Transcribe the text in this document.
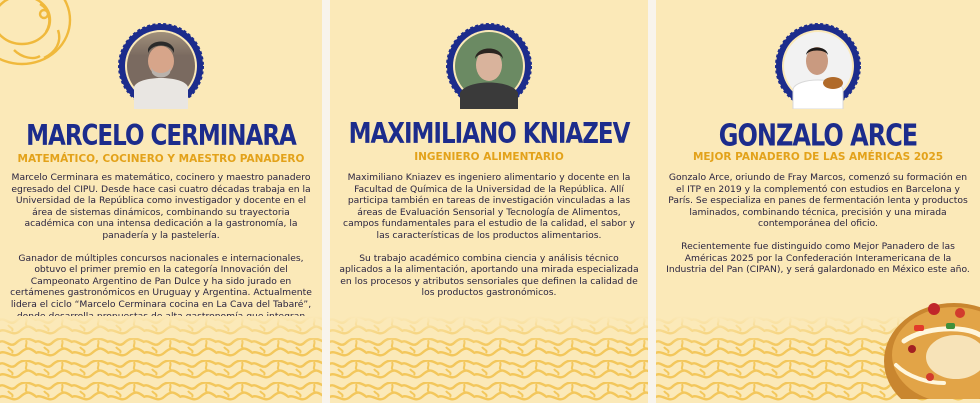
MARCELO CERMINARA
MATEMÁTICO, COCINERO Y MAESTRO PANADERO

Marcelo Cerminara es matemático, cocinero y maestro panadero egresado del CIPU. Desde hace casi cuatro décadas trabaja en la Universidad de la República como investigador y docente en el área de sistemas dinámicos, combinando su trayectoria académica con una intensa dedicación a la gastronomía, la panadería y la pastelería.

Ganador de múltiples concursos nacionales e internacionales, obtuvo el primer premio en la categoría Innovación del Campeonato Argentino de Pan Dulce y ha sido jurado en certámenes gastronómicos en Uruguay y Argentina. Actualmente lidera el ciclo “Marcelo Cerminara cocina en La Cava del Tabaré”,

MAXIMILIANO KNIAZEV
INGENIERO ALIMENTARIO

Maximiliano Kniazev es ingeniero alimentario y docente en la Facultad de Química de la Universidad de la República. Allí participa también en tareas de investigación vinculadas a las áreas de Evaluación Sensorial y Tecnología de Alimentos, campos fundamentales para el estudio de la calidad, el sabor y las características de los productos alimentarios.

Su trabajo académico combina ciencia y análisis técnico aplicados a la alimentación, aportando una mirada especializada en los procesos y atributos sensoriales que definen la calidad de los productos gastronómicos.

GONZALO ARCE
MEJOR PANADERO DE LAS AMÉRICAS 2025

Gonzalo Arce, oriundo de Fray Marcos, comenzó su formación en el ITP en 2019 y la complementó con estudios en Barcelona y París. Se especializa en panes de fermentación lenta y productos laminados, combinando técnica, precisión y una mirada contemporánea del oficio.

Recientemente fue distinguido como Mejor Panadero de las Américas 2025 por la Confederación Interamericana de la Industria del Pan (CIPAN), y será galardonado en México este año.
